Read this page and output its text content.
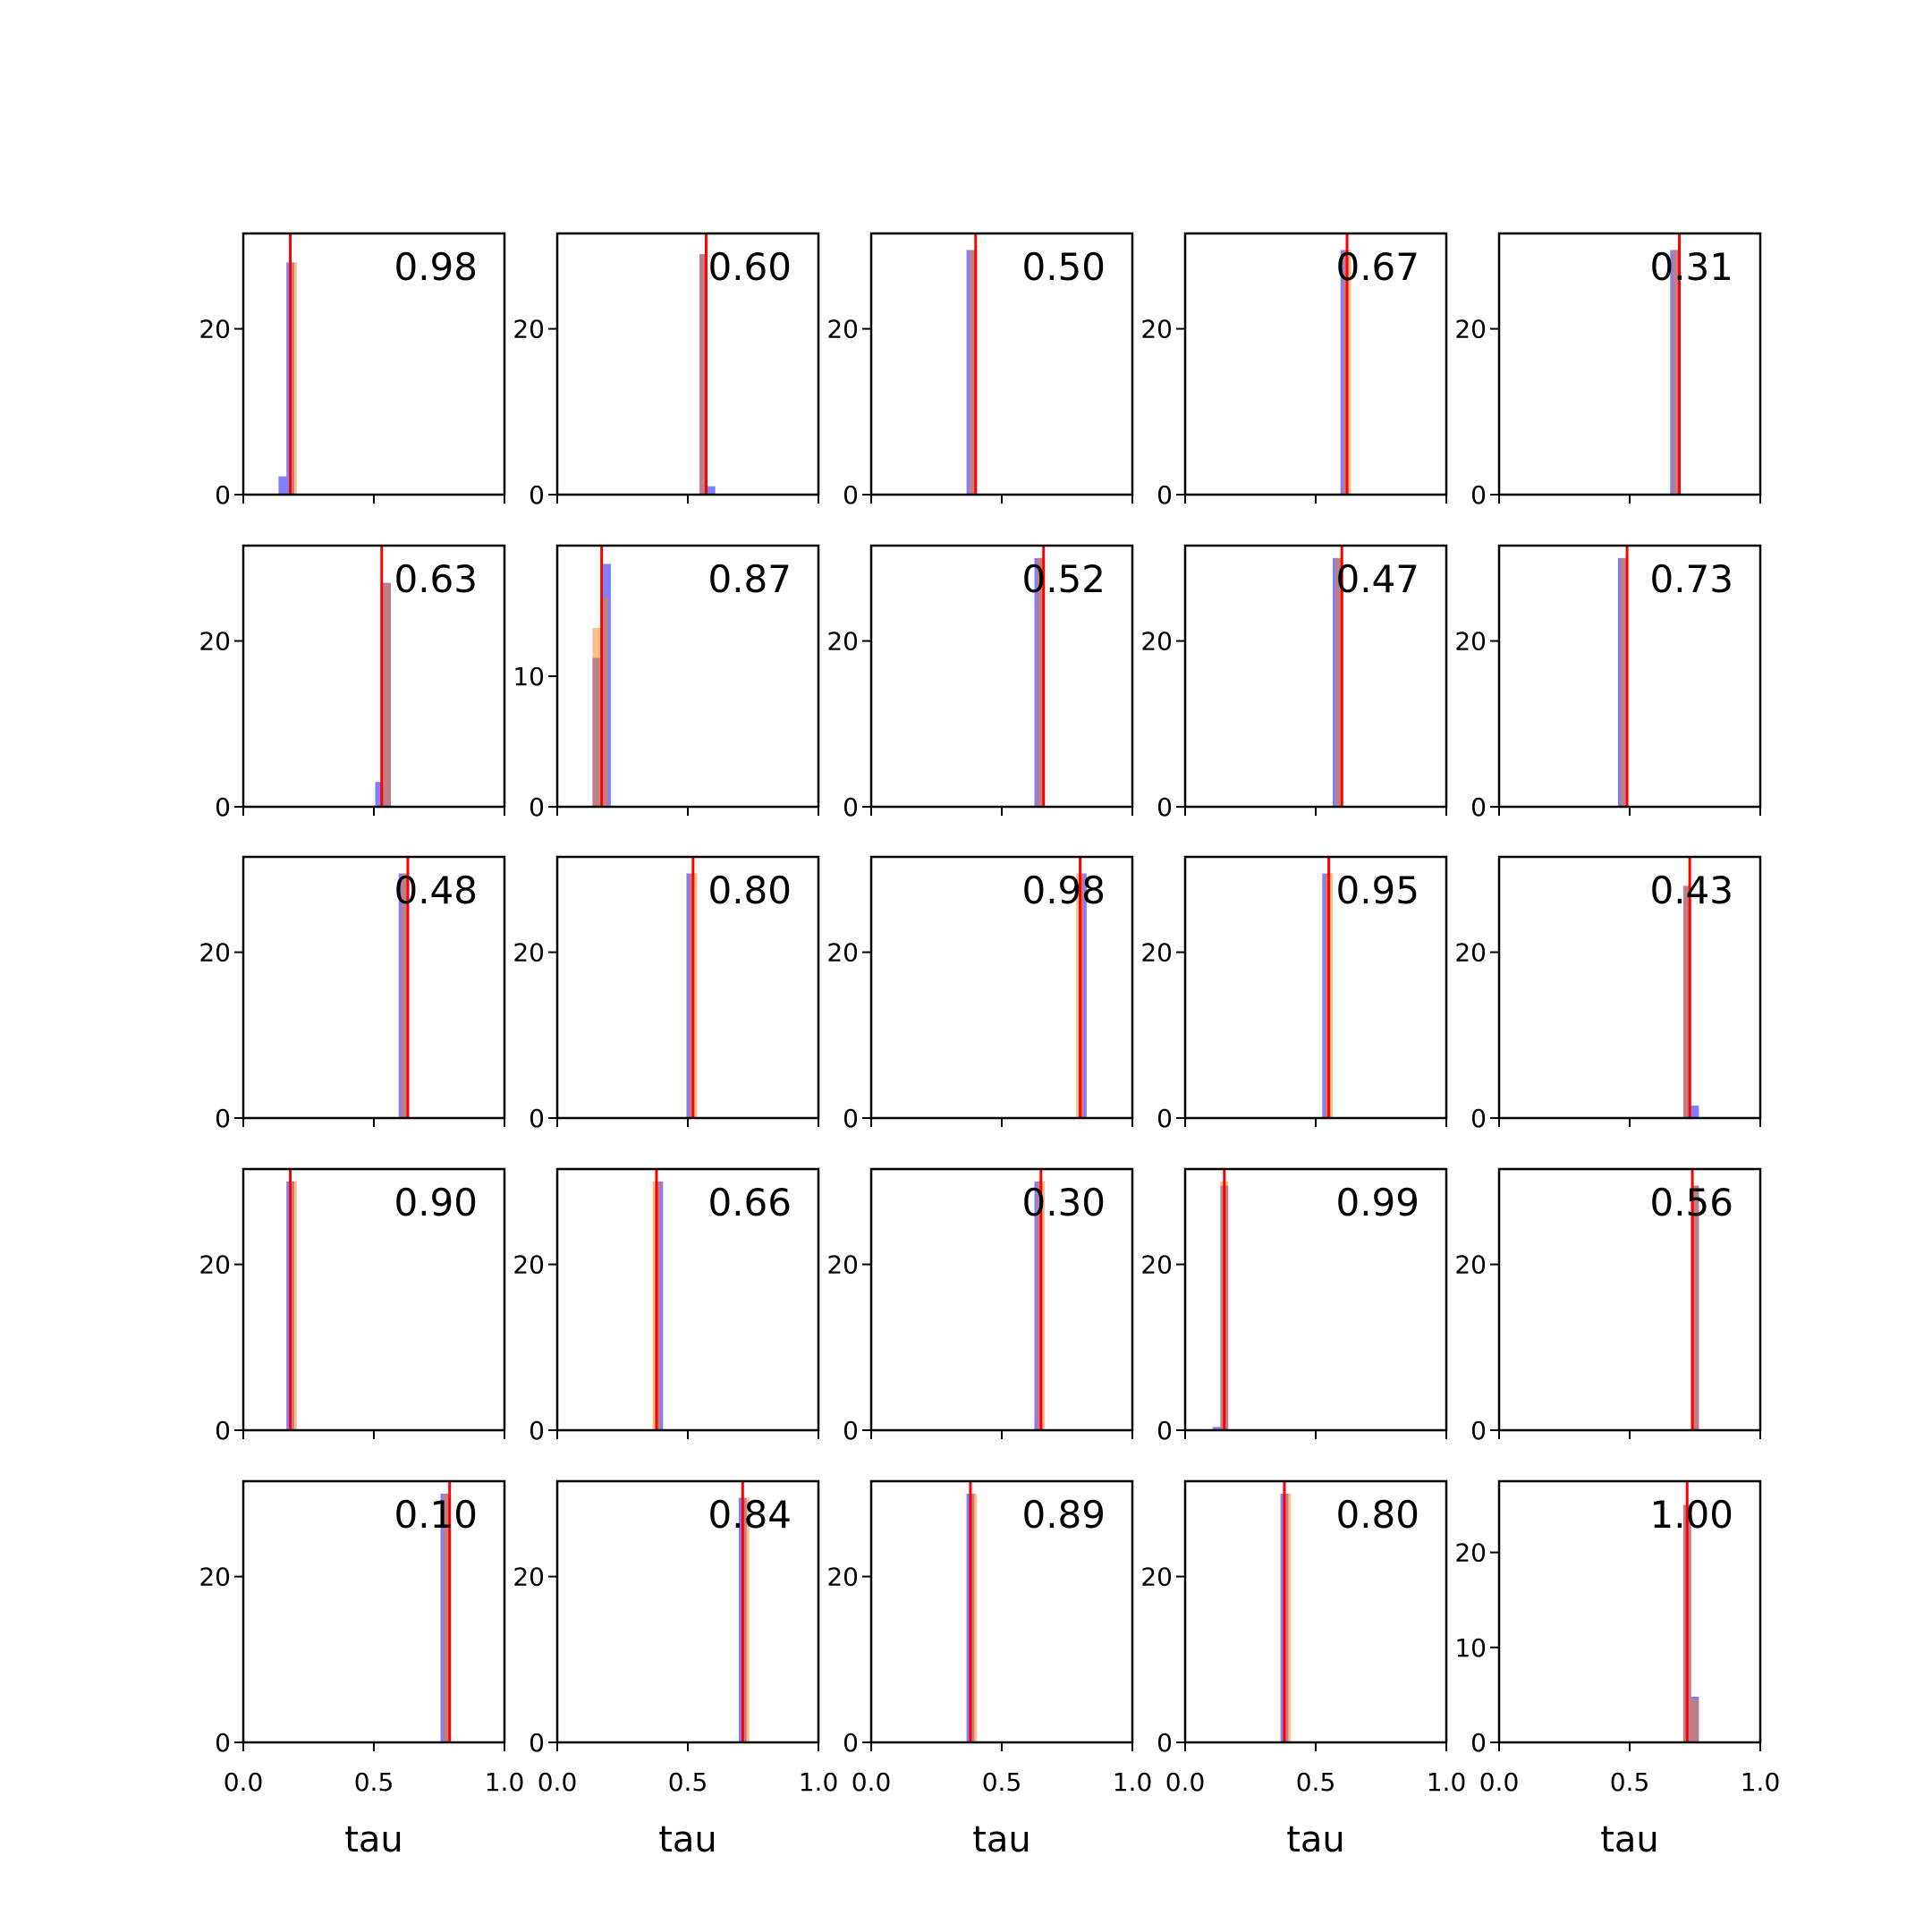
0
20
0.98
0
20
0.60
0
20
0.50
0
20
0.67
0
20
0.31
0
20
0.63
0
10
0.87
0
20
0.52
0
20
0.47
0
20
0.73
0
20
0.48
0
20
0.80
0
20
0.98
0
20
0.95
0
20
0.43
0
20
0.90
0
20
0.66
0
20
0.30
0
20
0.99
0
20
0.56
0
20
0.0	0.5	1.0
tau
0.10
0
20
0.0	0.5	1.0
tau
0.84
0
20
0.0	0.5	1.0
tau
0.89
0
20
0.0	0.5	1.0
tau
0.80
0
10
20
0.0	0.5	1.0
tau
1.00
